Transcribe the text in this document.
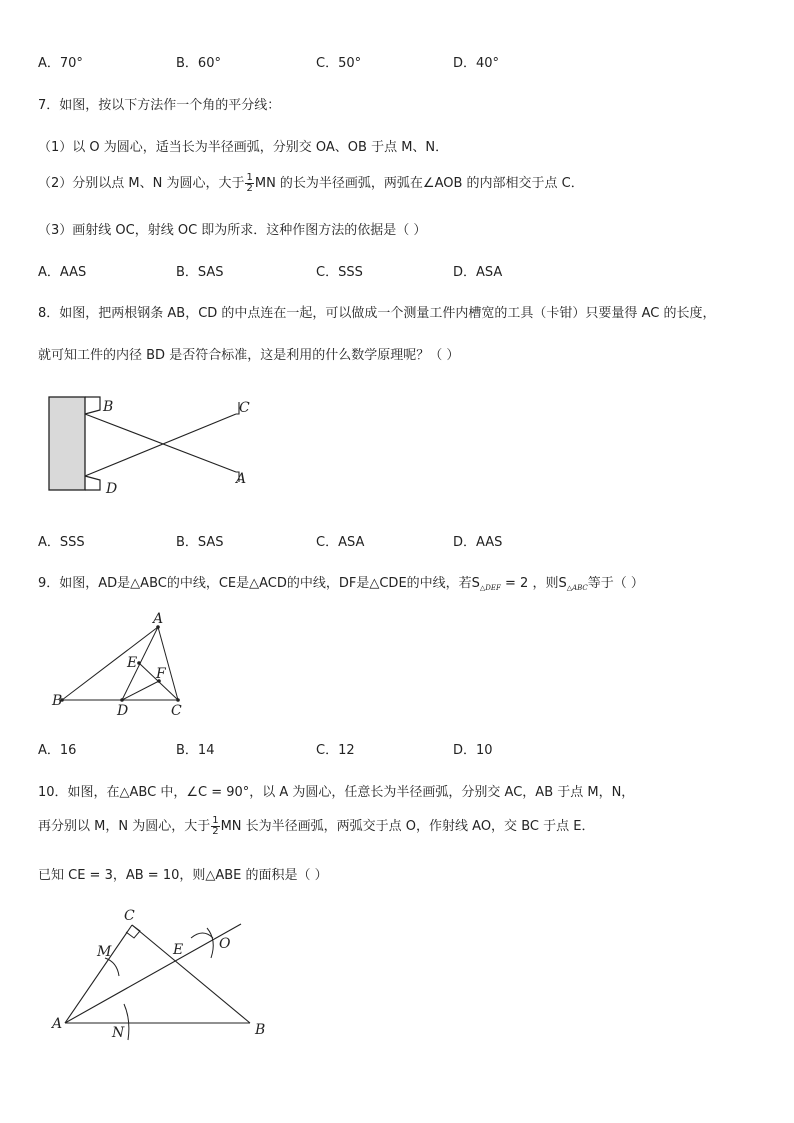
A．70°	B．60°	C．50°	D．40°
7．如图，按以下方法作一个角的平分线：
（1）以 O 为圆心，适当长为半径画弧，分别交 OA、OB 于点 M、N．
（2）分别以点 M、N 为圆心，大于 $\frac{1}{2}$ MN 的长为半径画弧，两弧在∠AOB 的内部相交于点 C．
（3）画射线 OC，射线 OC 即为所求．这种作图方法的依据是（ ）
A．AAS	B．SAS	C．SSS	D．ASA
8．如图，把两根钢条 AB，CD 的中点连在一起，可以做成一个测量工件内槽宽的工具（卡钳）只要量得 AC 的长度，
就可知工件的内径 BD 是否符合标准，这是利用的什么数学原理呢？（ ）
B	C
D
A
A．SSS	B．SAS	C．ASA	D．AAS
9．如图，AD是△ABC的中线，CE是△ACD的中线，DF是△CDE的中线，若$S_{\triangle DEF} = 2$ ，则$S_{\triangle ABC}$等于（ ）
A
B
D	C
E
F
A．16	B．14	C．12	D．10
10．如图，在△ABC 中，∠C = 90°，以 A 为圆心，任意长为半径画弧，分别交 AC，AB 于点 M，N，
再分别以 M，N 为圆心，大于 $\frac{1}{2}$ MN 长为半径画弧，两弧交于点 O，作射线 AO，交 BC 于点 E．
已知 CE = 3，AB = 10，则△ABE 的面积是（ ）
C
M	E	O
A
N	B
